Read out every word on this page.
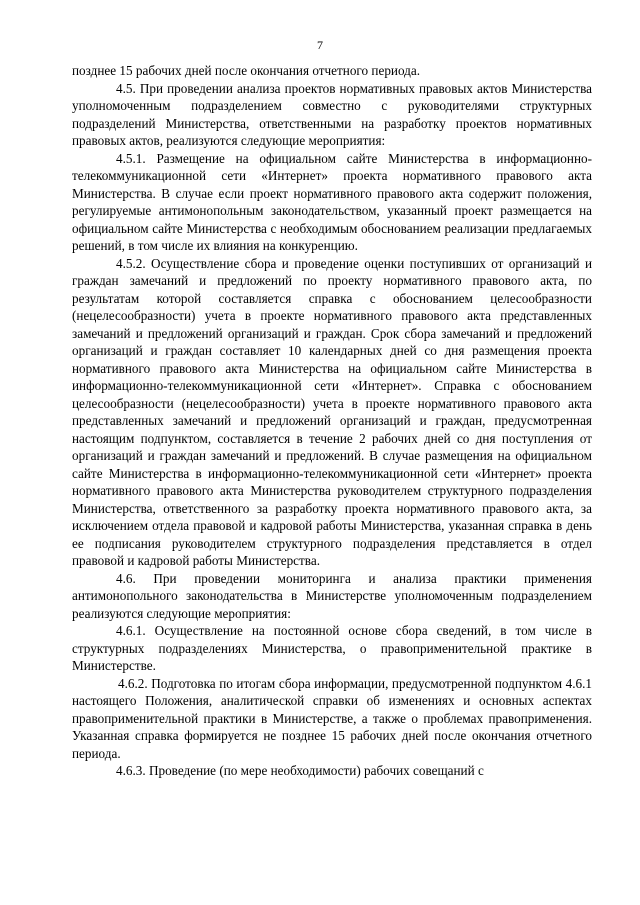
7

позднее 15 рабочих дней после окончания отчетного периода.

4.5. При проведении анализа проектов нормативных правовых актов Министерства уполномоченным подразделением совместно с руководителями структурных подразделений Министерства, ответственными на разработку проектов нормативных правовых актов, реализуются следующие мероприятия:

4.5.1. Размещение на официальном сайте Министерства в информационно-телекоммуникационной сети «Интернет» проекта нормативного правового акта Министерства. В случае если проект нормативного правового акта содержит положения, регулируемые антимонопольным законодательством, указанный проект размещается на официальном сайте Министерства с необходимым обоснованием реализации предлагаемых решений, в том числе их влияния на конкуренцию.

4.5.2. Осуществление сбора и проведение оценки поступивших от организаций и граждан замечаний и предложений по проекту нормативного правового акта, по результатам которой составляется справка с обоснованием целесообразности (нецелесообразности) учета в проекте нормативного правового акта представленных замечаний и предложений организаций и граждан. Срок сбора замечаний и предложений организаций и граждан составляет 10 календарных дней со дня размещения проекта нормативного правового акта Министерства на официальном сайте Министерства в информационно-телекоммуникационной сети «Интернет». Справка с обоснованием целесообразности (нецелесообразности) учета в проекте нормативного правового акта представленных замечаний и предложений организаций и граждан, предусмотренная настоящим подпунктом, составляется в течение 2 рабочих дней со дня поступления от организаций и граждан замечаний и предложений. В случае размещения на официальном сайте Министерства в информационно-телекоммуникационной сети «Интернет» проекта нормативного правового акта Министерства руководителем структурного подразделения Министерства, ответственного за разработку проекта нормативного правового акта, за исключением отдела правовой и кадровой работы Министерства, указанная справка в день ее подписания руководителем структурного подразделения представляется в отдел правовой и кадровой работы Министерства.

4.6. При проведении мониторинга и анализа практики применения антимонопольного законодательства в Министерстве уполномоченным подразделением реализуются следующие мероприятия:

4.6.1. Осуществление на постоянной основе сбора сведений, в том числе в структурных подразделениях Министерства, о правоприменительной практике в Министерстве.

4.6.2. Подготовка по итогам сбора информации, предусмотренной подпунктом 4.6.1 настоящего Положения, аналитической справки об изменениях и основных аспектах правоприменительной практики в Министерстве, а также о проблемах правоприменения. Указанная справка формируется не позднее 15 рабочих дней после окончания отчетного периода.

4.6.3. Проведение (по мере необходимости) рабочих совещаний с
